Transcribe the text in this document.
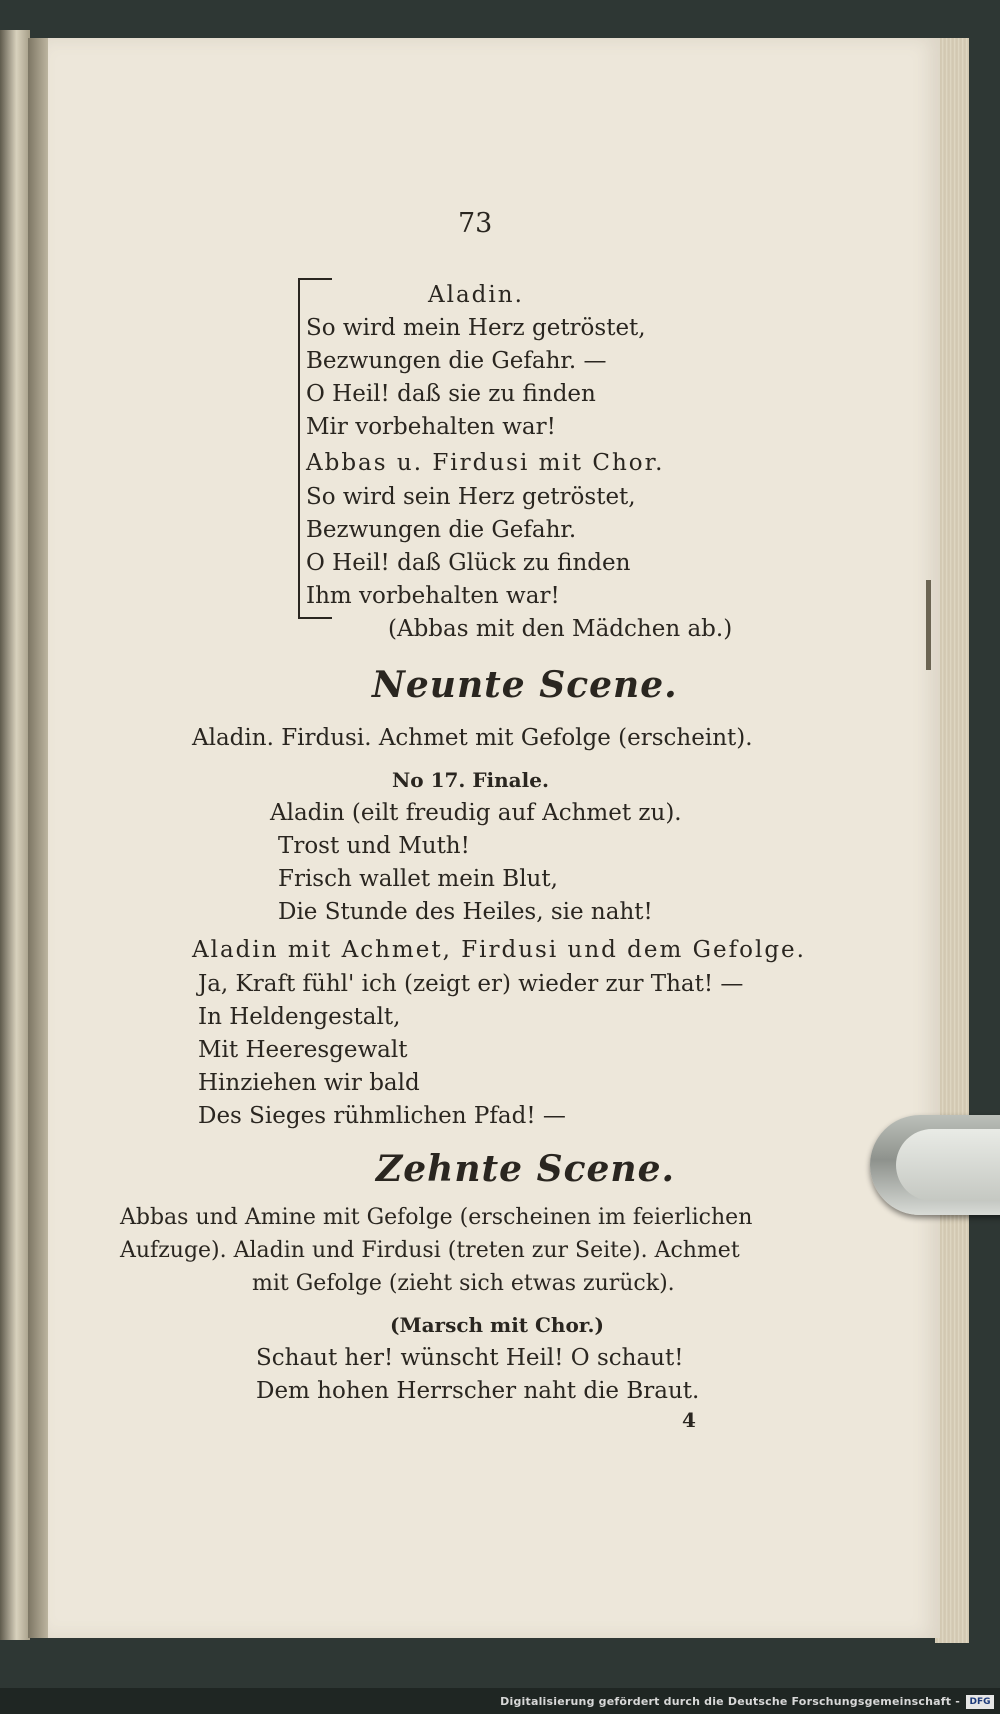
73
Aladin.
So wird mein Herz getröstet,
Bezwungen die Gefahr. —
O Heil! daß sie zu finden
Mir vorbehalten war!
Abbas u. Firdusi mit Chor.
So wird sein Herz getröstet,
Bezwungen die Gefahr.
O Heil! daß Glück zu finden
Ihm vorbehalten war!
(Abbas mit den Mädchen ab.)
Neunte Scene.
Aladin. Firdusi. Achmet mit Gefolge (erscheint).
No 17. Finale.
Aladin (eilt freudig auf Achmet zu).
Trost und Muth!
Frisch wallet mein Blut,
Die Stunde des Heiles, sie naht!
Aladin mit Achmet, Firdusi und dem Gefolge.
Ja, Kraft fühl' ich (zeigt er) wieder zur That! —
In Heldengestalt,
Mit Heeresgewalt
Hinziehen wir bald
Des Sieges rühmlichen Pfad! —
Zehnte Scene.
Abbas und Amine mit Gefolge (erscheinen im feierlichen
Aufzuge). Aladin und Firdusi (treten zur Seite). Achmet
mit Gefolge (zieht sich etwas zurück).
(Marsch mit Chor.)
Schaut her! wünscht Heil! O schaut!
Dem hohen Herrscher naht die Braut.
4
Digitalisierung gefördert durch die Deutsche Forschungsgemeinschaft -	DFG
